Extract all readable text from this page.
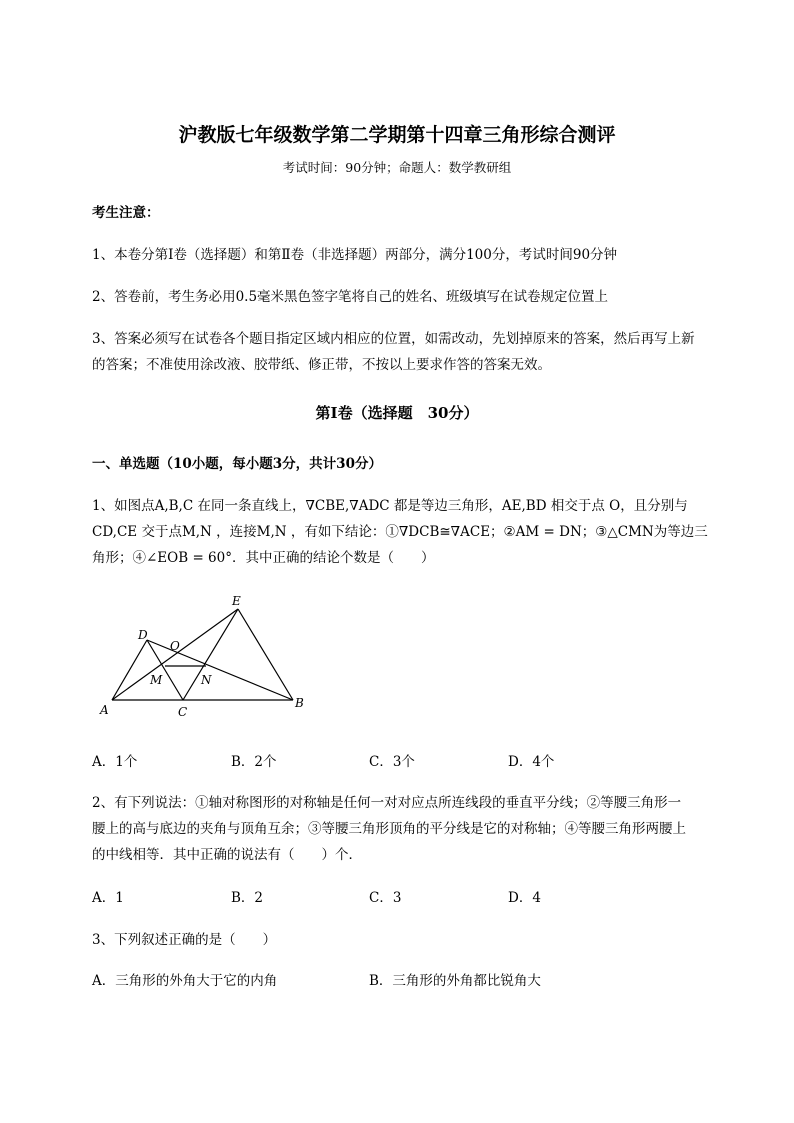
沪教版七年级数学第二学期第十四章三角形综合测评
考试时间：90分钟；命题人：数学教研组
考生注意：
1、本卷分第I卷（选择题）和第Ⅱ卷（非选择题）两部分，满分100分，考试时间90分钟
2、答卷前，考生务必用0.5毫米黑色签字笔将自己的姓名、班级填写在试卷规定位置上
3、答案必须写在试卷各个题目指定区域内相应的位置，如需改动，先划掉原来的答案，然后再写上新
的答案；不准使用涂改液、胶带纸、修正带，不按以上要求作答的答案无效。
第I卷（选择题　30分）
一、单选题（10小题，每小题3分，共计30分）
1、如图点A,B,C 在同一条直线上，∇CBE,∇ADC 都是等边三角形，AE,BD 相交于点 O，且分别与
CD,CE 交于点M,N ，连接M,N ，有如下结论：①∇DCB≅∇ACE；②AM = DN；③△CMN为等边三
角形；④∠EOB = 60°．其中正确的结论个数是（　　）
A	B
C
D
E
O
M	N
A．1个	B．2个	C．3个	D．4个
2、有下列说法：①轴对称图形的对称轴是任何一对对应点所连线段的垂直平分线；②等腰三角形一
腰上的高与底边的夹角与顶角互余；③等腰三角形顶角的平分线是它的对称轴；④等腰三角形两腰上
的中线相等．其中正确的说法有（　　）个．
A．1	B．2	C．3	D．4
3、下列叙述正确的是（　　）
A．三角形的外角大于它的内角	B．三角形的外角都比锐角大
